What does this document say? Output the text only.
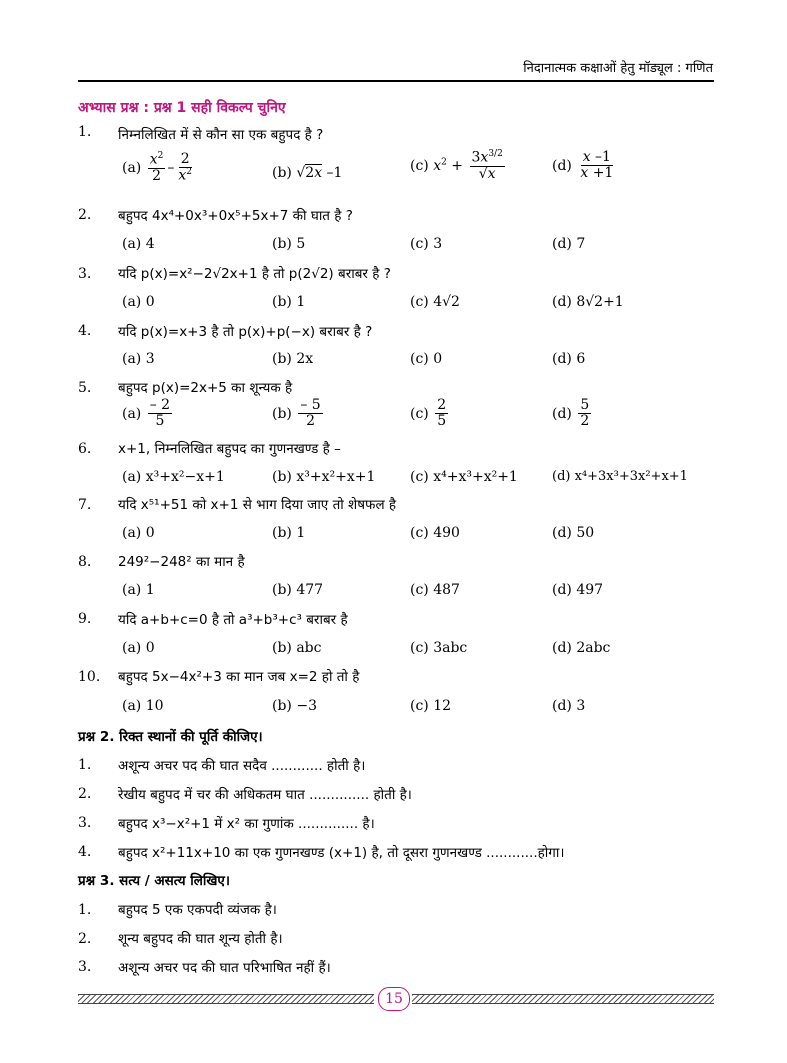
निदानात्मक कक्षाओं हेतु मॉड्यूल : गणित
अभ्यास प्रश्न : प्रश्न 1 सही विकल्प चुनिए
1. निम्नलिखित में से कौन सा एक बहुपद है ?
$(a) \frac{x^2}{2} - \frac{2}{x^2}$	(b) √2x –1	(c) $x^2 + \frac{3x^{3/2}}{√x}$	$(d) \frac{x -1}{x +1}$
2. बहुपद 4x⁴+0x³+0x⁵+5x+7 की घात है ?
(a) 4	(b) 5	(c) 3	(d) 7
3. यदि p(x)=x²−2√2x+1 है तो p(2√2) बराबर है ?
(a) 0	(b) 1	(c) 4√2	(d) 8√2+1
4. यदि p(x)=x+3 है तो p(x)+p(−x) बराबर है ?
(a) 3	(b) 2x	(c) 0	(d) 6
5. बहुपद p(x)=2x+5 का शून्यक है
$(a) \frac{- 2}{5}$	$(b) \frac{- 5}{2}$	$(c) \frac{2}{5}$	$(d) \frac{5}{2}$
6. x+1, निम्नलिखित बहुपद का गुणनखण्ड है –
(a) x³+x²−x+1	(b) x³+x²+x+1 (c) x⁴+x³+x²+1	(d) x⁴+3x³+3x²+x+1
7. यदि x⁵¹+51 को x+1 से भाग दिया जाए तो शेषफल है
(a) 0	(b) 1	(c) 490	(d) 50
8. 249²−248² का मान है
(a) 1	(b) 477	(c) 487	(d) 497
9. यदि a+b+c=0 है तो a³+b³+c³ बराबर है
(a) 0	(b) abc	(c) 3abc	(d) 2abc
10. बहुपद 5x−4x²+3 का मान जब x=2 हो तो है
(a) 10	(b) −3	(c) 12	(d) 3
प्रश्न 2. रिक्त स्थानों की पूर्ति कीजिए।
1. अशून्य अचर पद की घात सदैव ............ होती है।
2. रेखीय बहुपद में चर की अधिकतम घात .............. होती है।
3. बहुपद x³−x²+1 में x² का गुणांक .............. है।
4. बहुपद x²+11x+10 का एक गुणनखण्ड (x+1) है, तो दूसरा गुणनखण्ड ............होगा।
प्रश्न 3. सत्य / असत्य लिखिए।
1. बहुपद 5 एक एकपदी व्यंजक है।
2. शून्य बहुपद की घात शून्य होती है।
3. अशून्य अचर पद की घात परिभाषित नहीं हैं।
15
